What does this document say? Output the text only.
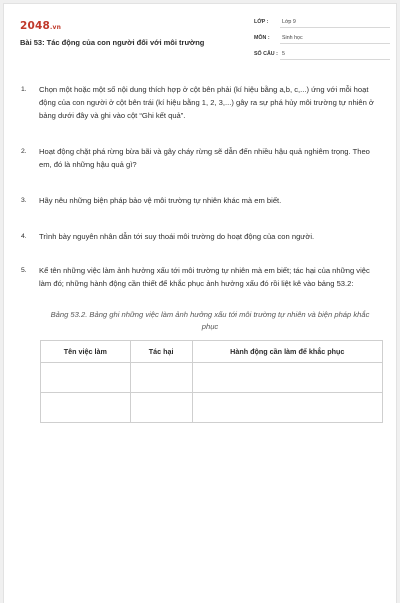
2048.vn
Bài 53: Tác động của con người đối với môi trường
LỚP :	Lớp 9
MÔN : Sinh học
SỐ CÂU : 5
1. Chọn một hoặc một số nội dung thích hợp ở cột bên phải (kí hiệu bằng a,b, c,...) ứng với mỗi hoạt động của con người ở cột bên trái (kí hiệu bằng 1, 2, 3,...) gây ra sự phá hủy môi trường tự nhiên ở bảng dưới đây và ghi vào cột “Ghi kết quả”.
2. Hoạt động chặt phá rừng bừa bãi và gây cháy rừng sẽ dẫn đến nhiều hậu quả nghiêm trọng. Theo em, đó là những hậu quả gì?
3. Hãy nêu những biện pháp bảo vệ môi trường tự nhiên khác mà em biết.
4. Trình bày nguyên nhân dẫn tới suy thoái môi trường do hoạt động của con người.
5. Kể tên những việc làm ảnh hưởng xấu tới môi trường tự nhiên mà em biết; tác hại của những việc làm đó; những hành động cần thiết để khắc phục ảnh hưởng xấu đó rồi liệt kê vào bảng 53.2:
Bảng 53.2. Bảng ghi những việc làm ảnh hưởng xấu tới môi trường tự nhiên và biện pháp khắc phục
Tên việc làm	Tác hại	Hành động cần làm để khắc phục
